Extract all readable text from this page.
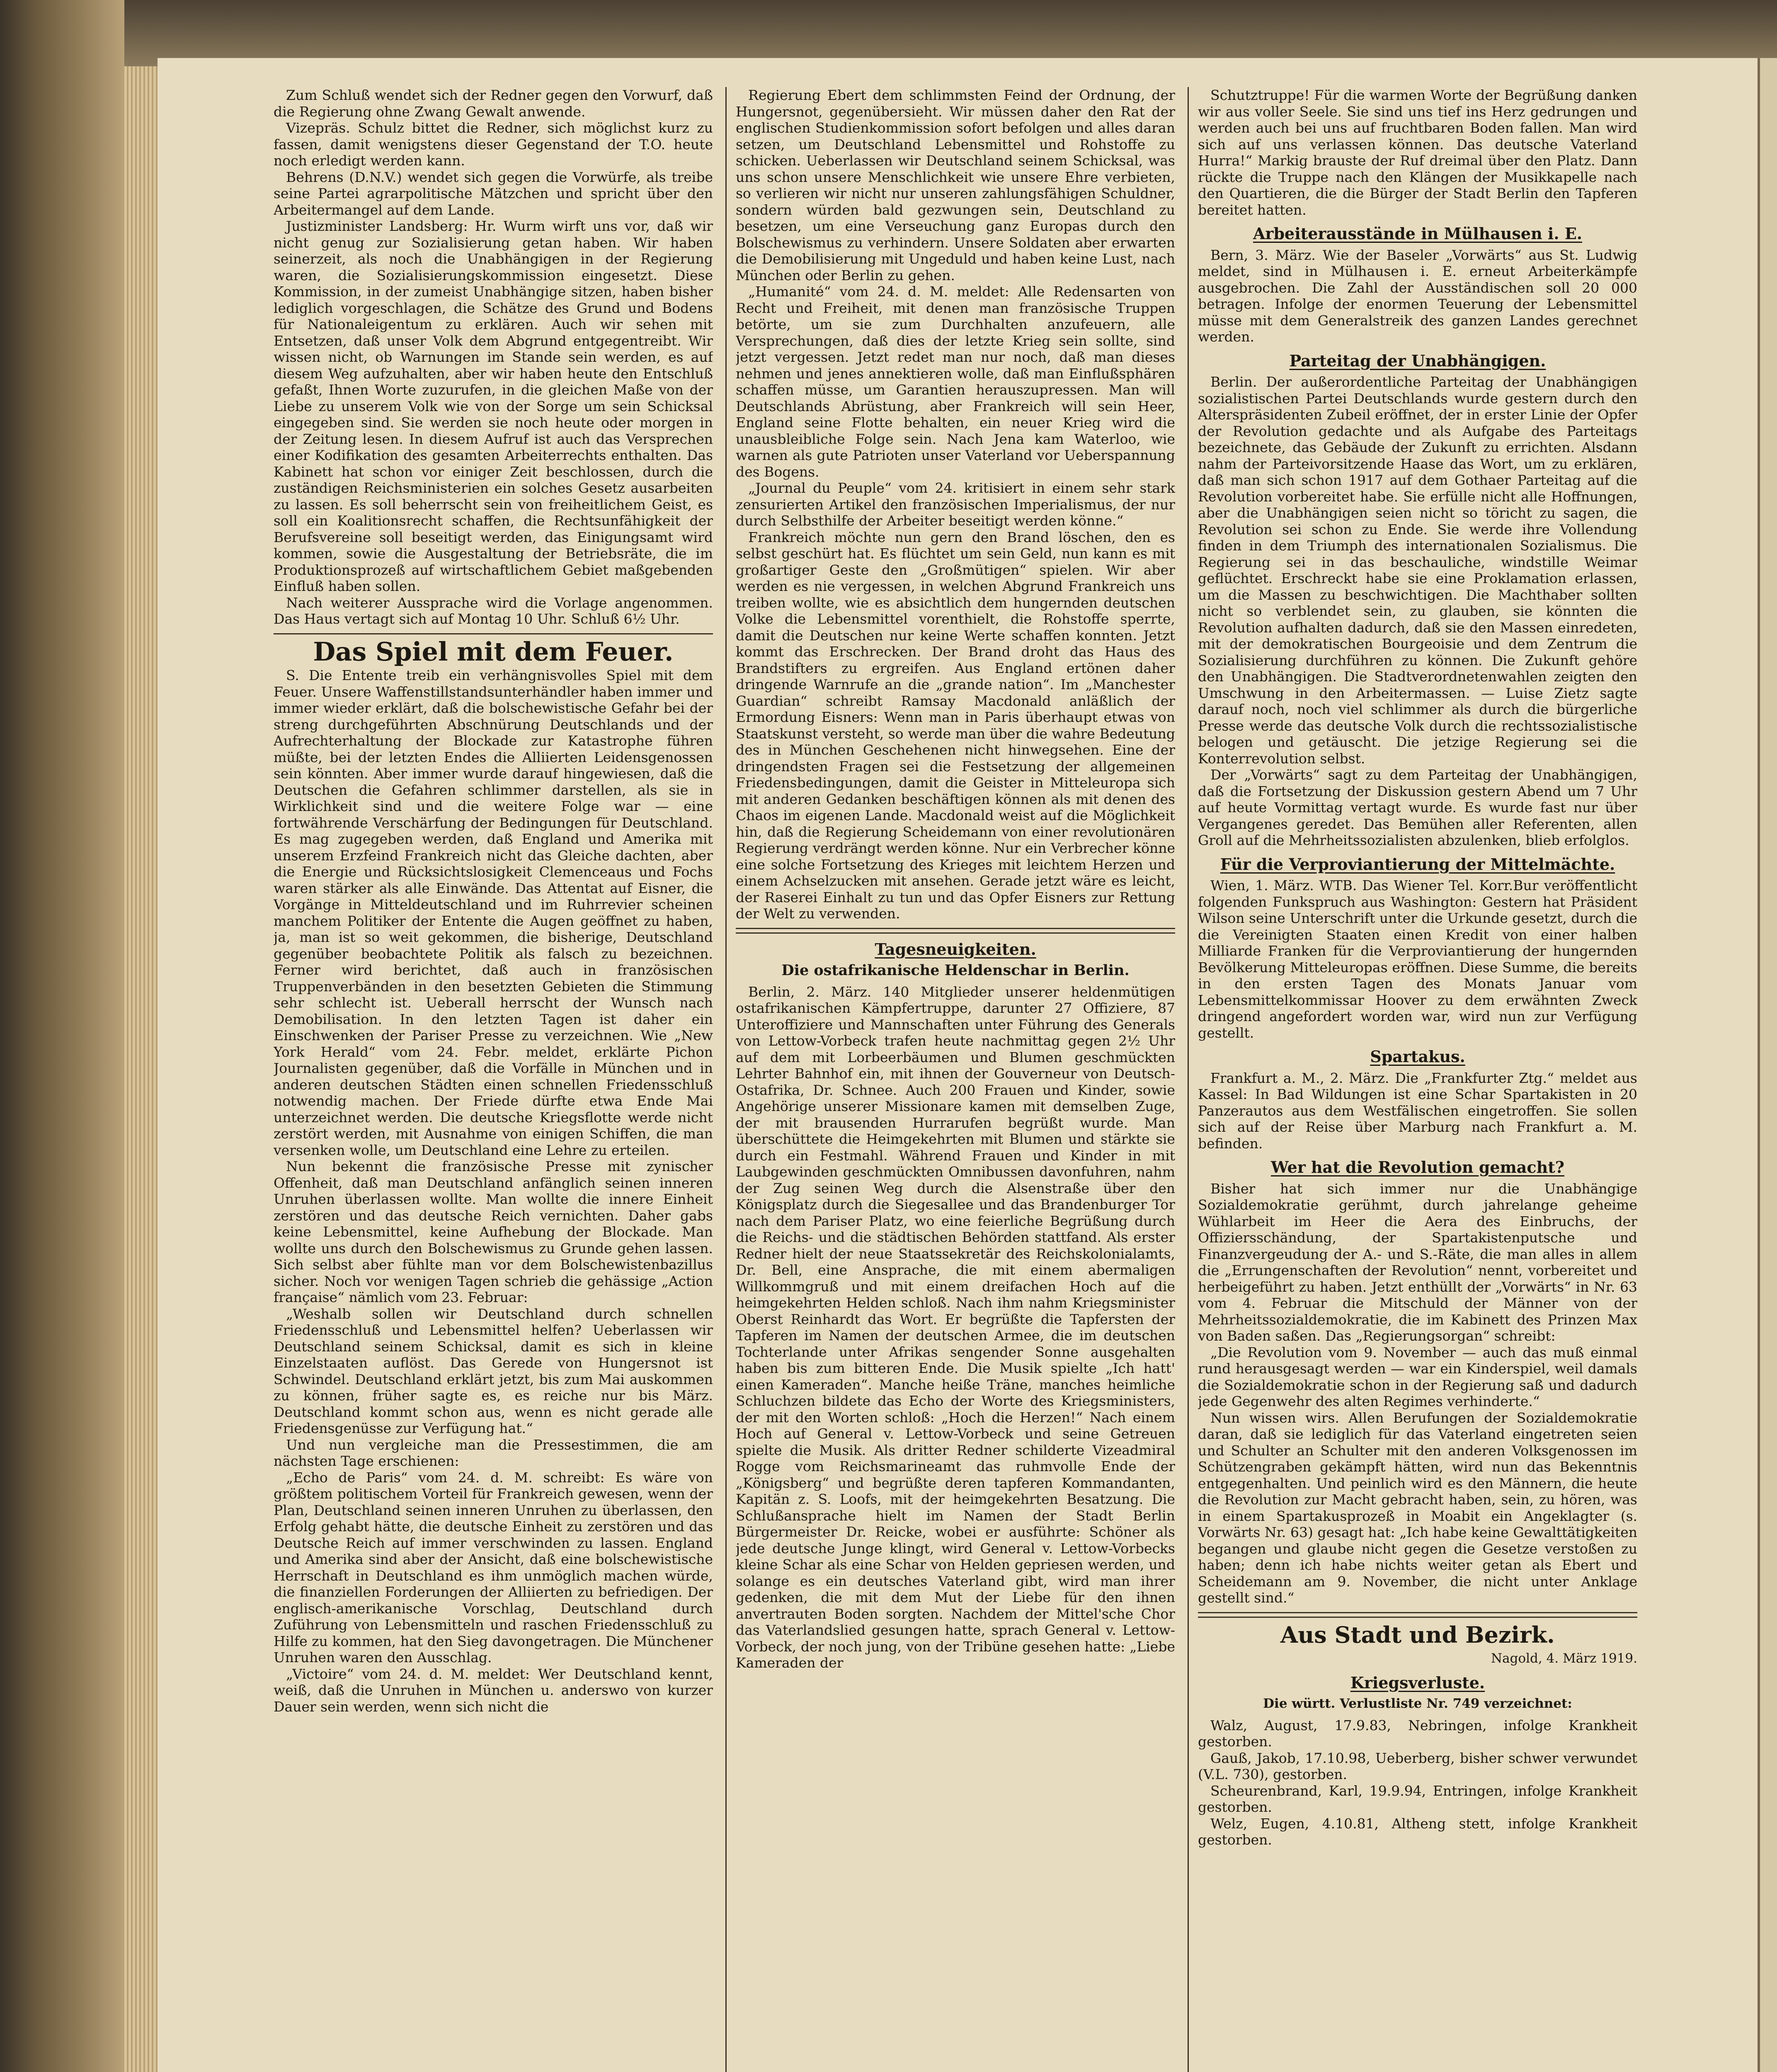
Zum Schluß wendet sich der Redner gegen den Vorwurf, daß die Regierung ohne Zwang Gewalt anwende.

Vizepräs. Schulz bittet die Redner, sich möglichst kurz zu fassen, damit wenigstens dieser Gegenstand der T.O. heute noch erledigt werden kann.

Behrens (D.N.V.) wendet sich gegen die Vorwürfe, als treibe seine Partei agrarpolitische Mätzchen und spricht über den Arbeitermangel auf dem Lande.

Justizminister Landsberg: Hr. Wurm wirft uns vor, daß wir nicht genug zur Sozialisierung getan haben. Wir haben seinerzeit, als noch die Unabhängigen in der Regierung waren, die Sozialisierungskommission eingesetzt. Diese Kommission, in der zumeist Unabhängige sitzen, haben bisher lediglich vorgeschlagen, die Schätze des Grund und Bodens für Nationaleigentum zu erklären. Auch wir sehen mit Entsetzen, daß unser Volk dem Abgrund entgegentreibt. Wir wissen nicht, ob Warnungen im Stande sein werden, es auf diesem Weg aufzuhalten, aber wir haben heute den Entschluß gefaßt, Ihnen Worte zuzurufen, in die gleichen Maße von der Liebe zu unserem Volk wie von der Sorge um sein Schicksal eingegeben sind. Sie werden sie noch heute oder morgen in der Zeitung lesen. In diesem Aufruf ist auch das Versprechen einer Kodifikation des gesamten Arbeiterrechts enthalten. Das Kabinett hat schon vor einiger Zeit beschlossen, durch die zuständigen Reichsministerien ein solches Gesetz ausarbeiten zu lassen. Es soll beherrscht sein von freiheitlichem Geist, es soll ein Koalitionsrecht schaffen, die Rechtsunfähigkeit der Berufsvereine soll beseitigt werden, das Einigungsamt wird kommen, sowie die Ausgestaltung der Betriebsräte, die im Produktionsprozeß auf wirtschaftlichem Gebiet maßgebenden Einfluß haben sollen.

Nach weiterer Aussprache wird die Vorlage angenommen. Das Haus vertagt sich auf Montag 10 Uhr. Schluß 6½ Uhr.

Das Spiel mit dem Feuer.

S. Die Entente treib ein verhängnisvolles Spiel mit dem Feuer. Unsere Waffenstillstandsunterhändler haben immer und immer wieder erklärt, daß die bolschewistische Gefahr bei der streng durchgeführten Abschnürung Deutschlands und der Aufrechterhaltung der Blockade zur Katastrophe führen müßte, bei der letzten Endes die Alliierten Leidensgenossen sein könnten. Aber immer wurde darauf hingewiesen, daß die Deutschen die Gefahren schlimmer darstellen, als sie in Wirklichkeit sind und die weitere Folge war — eine fortwährende Verschärfung der Bedingungen für Deutschland. Es mag zugegeben werden, daß England und Amerika mit unserem Erzfeind Frankreich nicht das Gleiche dachten, aber die Energie und Rücksichtslosigkeit Clemenceaus und Fochs waren stärker als alle Einwände. Das Attentat auf Eisner, die Vorgänge in Mitteldeutschland und im Ruhrrevier scheinen manchem Politiker der Entente die Augen geöffnet zu haben, ja, man ist so weit gekommen, die bisherige, Deutschland gegenüber beobachtete Politik als falsch zu bezeichnen. Ferner wird berichtet, daß auch in französischen Truppenverbänden in den besetzten Gebieten die Stimmung sehr schlecht ist. Ueberall herrscht der Wunsch nach Demobilisation. In den letzten Tagen ist daher ein Einschwenken der Pariser Presse zu verzeichnen. Wie „New York Herald“ vom 24. Febr. meldet, erklärte Pichon Journalisten gegenüber, daß die Vorfälle in München und in anderen deutschen Städten einen schnellen Friedensschluß notwendig machen. Der Friede dürfte etwa Ende Mai unterzeichnet werden. Die deutsche Kriegsflotte werde nicht zerstört werden, mit Ausnahme von einigen Schiffen, die man versenken wolle, um Deutschland eine Lehre zu erteilen.

Nun bekennt die französische Presse mit zynischer Offenheit, daß man Deutschland anfänglich seinen inneren Unruhen überlassen wollte. Man wollte die innere Einheit zerstören und das deutsche Reich vernichten. Daher gabs keine Lebensmittel, keine Aufhebung der Blockade. Man wollte uns durch den Bolschewismus zu Grunde gehen lassen. Sich selbst aber fühlte man vor dem Bolschewistenbazillus sicher. Noch vor wenigen Tagen schrieb die gehässige „Action française“ nämlich vom 23. Februar:

„Weshalb sollen wir Deutschland durch schnellen Friedensschluß und Lebensmittel helfen? Ueberlassen wir Deutschland seinem Schicksal, damit es sich in kleine Einzelstaaten auflöst. Das Gerede von Hungersnot ist Schwindel. Deutschland erklärt jetzt, bis zum Mai auskommen zu können, früher sagte es, es reiche nur bis März. Deutschland kommt schon aus, wenn es nicht gerade alle Friedensgenüsse zur Verfügung hat.“

Und nun vergleiche man die Pressestimmen, die am nächsten Tage erschienen:

„Echo de Paris“ vom 24. d. M. schreibt: Es wäre von größtem politischem Vorteil für Frankreich gewesen, wenn der Plan, Deutschland seinen inneren Unruhen zu überlassen, den Erfolg gehabt hätte, die deutsche Einheit zu zerstören und das Deutsche Reich auf immer verschwinden zu lassen. England und Amerika sind aber der Ansicht, daß eine bolschewistische Herrschaft in Deutschland es ihm unmöglich machen würde, die finanziellen Forderungen der Alliierten zu befriedigen. Der englisch-amerikanische Vorschlag, Deutschland durch Zuführung von Lebensmitteln und raschen Friedensschluß zu Hilfe zu kommen, hat den Sieg davongetragen. Die Münchener Unruhen waren den Ausschlag.

„Victoire“ vom 24. d. M. meldet: Wer Deutschland kennt, weiß, daß die Unruhen in München u. anderswo von kurzer Dauer sein werden, wenn sich nicht die

Regierung Ebert dem schlimmsten Feind der Ordnung, der Hungersnot, gegenübersieht. Wir müssen daher den Rat der englischen Studienkommission sofort befolgen und alles daran setzen, um Deutschland Lebensmittel und Rohstoffe zu schicken. Ueberlassen wir Deutschland seinem Schicksal, was uns schon unsere Menschlichkeit wie unsere Ehre verbieten, so verlieren wir nicht nur unseren zahlungsfähigen Schuldner, sondern würden bald gezwungen sein, Deutschland zu besetzen, um eine Verseuchung ganz Europas durch den Bolschewismus zu verhindern. Unsere Soldaten aber erwarten die Demobilisierung mit Ungeduld und haben keine Lust, nach München oder Berlin zu gehen.

„Humanité“ vom 24. d. M. meldet: Alle Redensarten von Recht und Freiheit, mit denen man französische Truppen betörte, um sie zum Durchhalten anzufeuern, alle Versprechungen, daß dies der letzte Krieg sein sollte, sind jetzt vergessen. Jetzt redet man nur noch, daß man dieses nehmen und jenes annektieren wolle, daß man Einflußsphären schaffen müsse, um Garantien herauszupressen. Man will Deutschlands Abrüstung, aber Frankreich will sein Heer, England seine Flotte behalten, ein neuer Krieg wird die unausbleibliche Folge sein. Nach Jena kam Waterloo, wie warnen als gute Patrioten unser Vaterland vor Ueberspannung des Bogens.

„Journal du Peuple“ vom 24. kritisiert in einem sehr stark zensurierten Artikel den französischen Imperialismus, der nur durch Selbsthilfe der Arbeiter beseitigt werden könne.“

Frankreich möchte nun gern den Brand löschen, den es selbst geschürt hat. Es flüchtet um sein Geld, nun kann es mit großartiger Geste den „Großmütigen“ spielen. Wir aber werden es nie vergessen, in welchen Abgrund Frankreich uns treiben wollte, wie es absichtlich dem hungernden deutschen Volke die Lebensmittel vorenthielt, die Rohstoffe sperrte, damit die Deutschen nur keine Werte schaffen konnten. Jetzt kommt das Erschrecken. Der Brand droht das Haus des Brandstifters zu ergreifen. Aus England ertönen daher dringende Warnrufe an die „grande nation“. Im „Manchester Guardian“ schreibt Ramsay Macdonald anläßlich der Ermordung Eisners: Wenn man in Paris überhaupt etwas von Staatskunst versteht, so werde man über die wahre Bedeutung des in München Geschehenen nicht hinwegsehen. Eine der dringendsten Fragen sei die Festsetzung der allgemeinen Friedensbedingungen, damit die Geister in Mitteleuropa sich mit anderen Gedanken beschäftigen können als mit denen des Chaos im eigenen Lande. Macdonald weist auf die Möglichkeit hin, daß die Regierung Scheidemann von einer revolutionären Regierung verdrängt werden könne. Nur ein Verbrecher könne eine solche Fortsetzung des Krieges mit leichtem Herzen und einem Achselzucken mit ansehen. Gerade jetzt wäre es leicht, der Raserei Einhalt zu tun und das Opfer Eisners zur Rettung der Welt zu verwenden.

Tagesneuigkeiten.
Die ostafrikanische Heldenschar in Berlin.

Berlin, 2. März. 140 Mitglieder unserer heldenmütigen ostafrikanischen Kämpfertruppe, darunter 27 Offiziere, 87 Unteroffiziere und Mannschaften unter Führung des Generals von Lettow-Vorbeck trafen heute nachmittag gegen 2½ Uhr auf dem mit Lorbeerbäumen und Blumen geschmückten Lehrter Bahnhof ein, mit ihnen der Gouverneur von Deutsch-Ostafrika, Dr. Schnee. Auch 200 Frauen und Kinder, sowie Angehörige unserer Missionare kamen mit demselben Zuge, der mit brausenden Hurrarufen begrüßt wurde. Man überschüttete die Heimgekehrten mit Blumen und stärkte sie durch ein Festmahl. Während Frauen und Kinder in mit Laubgewinden geschmückten Omnibussen davonfuhren, nahm der Zug seinen Weg durch die Alsenstraße über den Königsplatz durch die Siegesallee und das Brandenburger Tor nach dem Pariser Platz, wo eine feierliche Begrüßung durch die Reichs- und die städtischen Behörden stattfand. Als erster Redner hielt der neue Staatssekretär des Reichskolonialamts, Dr. Bell, eine Ansprache, die mit einem abermaligen Willkommgruß und mit einem dreifachen Hoch auf die heimgekehrten Helden schloß. Nach ihm nahm Kriegsminister Oberst Reinhardt das Wort. Er begrüßte die Tapfersten der Tapferen im Namen der deutschen Armee, die im deutschen Tochterlande unter Afrikas sengender Sonne ausgehalten haben bis zum bitteren Ende. Die Musik spielte „Ich hatt' einen Kameraden“. Manche heiße Träne, manches heimliche Schluchzen bildete das Echo der Worte des Kriegsministers, der mit den Worten schloß: „Hoch die Herzen!“ Nach einem Hoch auf General v. Lettow-Vorbeck und seine Getreuen spielte die Musik. Als dritter Redner schilderte Vizeadmiral Rogge vom Reichsmarineamt das ruhmvolle Ende der „Königsberg“ und begrüßte deren tapferen Kommandanten, Kapitän z. S. Loofs, mit der heimgekehrten Besatzung. Die Schlußansprache hielt im Namen der Stadt Berlin Bürgermeister Dr. Reicke, wobei er ausführte: Schöner als jede deutsche Junge klingt, wird General v. Lettow-Vorbecks kleine Schar als eine Schar von Helden gepriesen werden, und solange es ein deutsches Vaterland gibt, wird man ihrer gedenken, die mit dem Mut der Liebe für den ihnen anvertrauten Boden sorgten. Nachdem der Mittel'sche Chor das Vaterlandslied gesungen hatte, sprach General v. Lettow-Vorbeck, der noch jung, von der Tribüne gesehen hatte: „Liebe Kameraden der

Schutztruppe! Für die warmen Worte der Begrüßung danken wir aus voller Seele. Sie sind uns tief ins Herz gedrungen und werden auch bei uns auf fruchtbaren Boden fallen. Man wird sich auf uns verlassen können. Das deutsche Vaterland Hurra!“ Markig brauste der Ruf dreimal über den Platz. Dann rückte die Truppe nach den Klängen der Musikkapelle nach den Quartieren, die die Bürger der Stadt Berlin den Tapferen bereitet hatten.

Arbeiterausstände in Mülhausen i. E.

Bern, 3. März. Wie der Baseler „Vorwärts“ aus St. Ludwig meldet, sind in Mülhausen i. E. erneut Arbeiterkämpfe ausgebrochen. Die Zahl der Ausständischen soll 20 000 betragen. Infolge der enormen Teuerung der Lebensmittel müsse mit dem Generalstreik des ganzen Landes gerechnet werden.

Parteitag der Unabhängigen.

Berlin. Der außerordentliche Parteitag der Unabhängigen sozialistischen Partei Deutschlands wurde gestern durch den Alterspräsidenten Zubeil eröffnet, der in erster Linie der Opfer der Revolution gedachte und als Aufgabe des Parteitags bezeichnete, das Gebäude der Zukunft zu errichten. Alsdann nahm der Parteivorsitzende Haase das Wort, um zu erklären, daß man sich schon 1917 auf dem Gothaer Parteitag auf die Revolution vorbereitet habe. Sie erfülle nicht alle Hoffnungen, aber die Unabhängigen seien nicht so töricht zu sagen, die Revolution sei schon zu Ende. Sie werde ihre Vollendung finden in dem Triumph des internationalen Sozialismus. Die Regierung sei in das beschauliche, windstille Weimar geflüchtet. Erschreckt habe sie eine Proklamation erlassen, um die Massen zu beschwichtigen. Die Machthaber sollten nicht so verblendet sein, zu glauben, sie könnten die Revolution aufhalten dadurch, daß sie den Massen einredeten, mit der demokratischen Bourgeoisie und dem Zentrum die Sozialisierung durchführen zu können. Die Zukunft gehöre den Unabhängigen. Die Stadtverordnetenwahlen zeigten den Umschwung in den Arbeitermassen. — Luise Zietz sagte darauf noch, noch viel schlimmer als durch die bürgerliche Presse werde das deutsche Volk durch die rechtssozialistische belogen und getäuscht. Die jetzige Regierung sei die Konterrevolution selbst.

Der „Vorwärts“ sagt zu dem Parteitag der Unabhängigen, daß die Fortsetzung der Diskussion gestern Abend um 7 Uhr auf heute Vormittag vertagt wurde. Es wurde fast nur über Vergangenes geredet. Das Bemühen aller Referenten, allen Groll auf die Mehrheitssozialisten abzulenken, blieb erfolglos.

Für die Verproviantierung der Mittelmächte.

Wien, 1. März. WTB. Das Wiener Tel. Korr.Bur veröffentlicht folgenden Funkspruch aus Washington: Gestern hat Präsident Wilson seine Unterschrift unter die Urkunde gesetzt, durch die die Vereinigten Staaten einen Kredit von einer halben Milliarde Franken für die Verproviantierung der hungernden Bevölkerung Mitteleuropas eröffnen. Diese Summe, die bereits in den ersten Tagen des Monats Januar vom Lebensmittelkommissar Hoover zu dem erwähnten Zweck dringend angefordert worden war, wird nun zur Verfügung gestellt.

Spartakus.

Frankfurt a. M., 2. März. Die „Frankfurter Ztg.“ meldet aus Kassel: In Bad Wildungen ist eine Schar Spartakisten in 20 Panzerautos aus dem Westfälischen eingetroffen. Sie sollen sich auf der Reise über Marburg nach Frankfurt a. M. befinden.

Wer hat die Revolution gemacht?

Bisher hat sich immer nur die Unabhängige Sozialdemokratie gerühmt, durch jahrelange geheime Wühlarbeit im Heer die Aera des Einbruchs, der Offiziersschändung, der Spartakistenputsche und Finanzvergeudung der A.- und S.-Räte, die man alles in allem die „Errungenschaften der Revolution“ nennt, vorbereitet und herbeigeführt zu haben. Jetzt enthüllt der „Vorwärts“ in Nr. 63 vom 4. Februar die Mitschuld der Männer von der Mehrheitssozialdemokratie, die im Kabinett des Prinzen Max von Baden saßen. Das „Regierungsorgan“ schreibt:

„Die Revolution vom 9. November — auch das muß einmal rund herausgesagt werden — war ein Kinderspiel, weil damals die Sozialdemokratie schon in der Regierung saß und dadurch jede Gegenwehr des alten Regimes verhinderte.“

Nun wissen wirs. Allen Berufungen der Sozialdemokratie daran, daß sie lediglich für das Vaterland eingetreten seien und Schulter an Schulter mit den anderen Volksgenossen im Schützengraben gekämpft hätten, wird nun das Bekenntnis entgegenhalten. Und peinlich wird es den Männern, die heute die Revolution zur Macht gebracht haben, sein, zu hören, was in einem Spartakusprozeß in Moabit ein Angeklagter (s. Vorwärts Nr. 63) gesagt hat: „Ich habe keine Gewalttätigkeiten begangen und glaube nicht gegen die Gesetze verstoßen zu haben; denn ich habe nichts weiter getan als Ebert und Scheidemann am 9. November, die nicht unter Anklage gestellt sind.“

Aus Stadt und Bezirk.
Nagold, 4. März 1919.
Kriegsverluste.
Die württ. Verlustliste Nr. 749 verzeichnet:

Walz, August, 17.9.83, Nebringen, infolge Krankheit gestorben.

Gauß, Jakob, 17.10.98, Ueberberg, bisher schwer verwundet (V.L. 730), gestorben.

Scheurenbrand, Karl, 19.9.94, Entringen, infolge Krankheit gestorben.

Welz, Eugen, 4.10.81, Altheng stett, infolge Krankheit gestorben.
